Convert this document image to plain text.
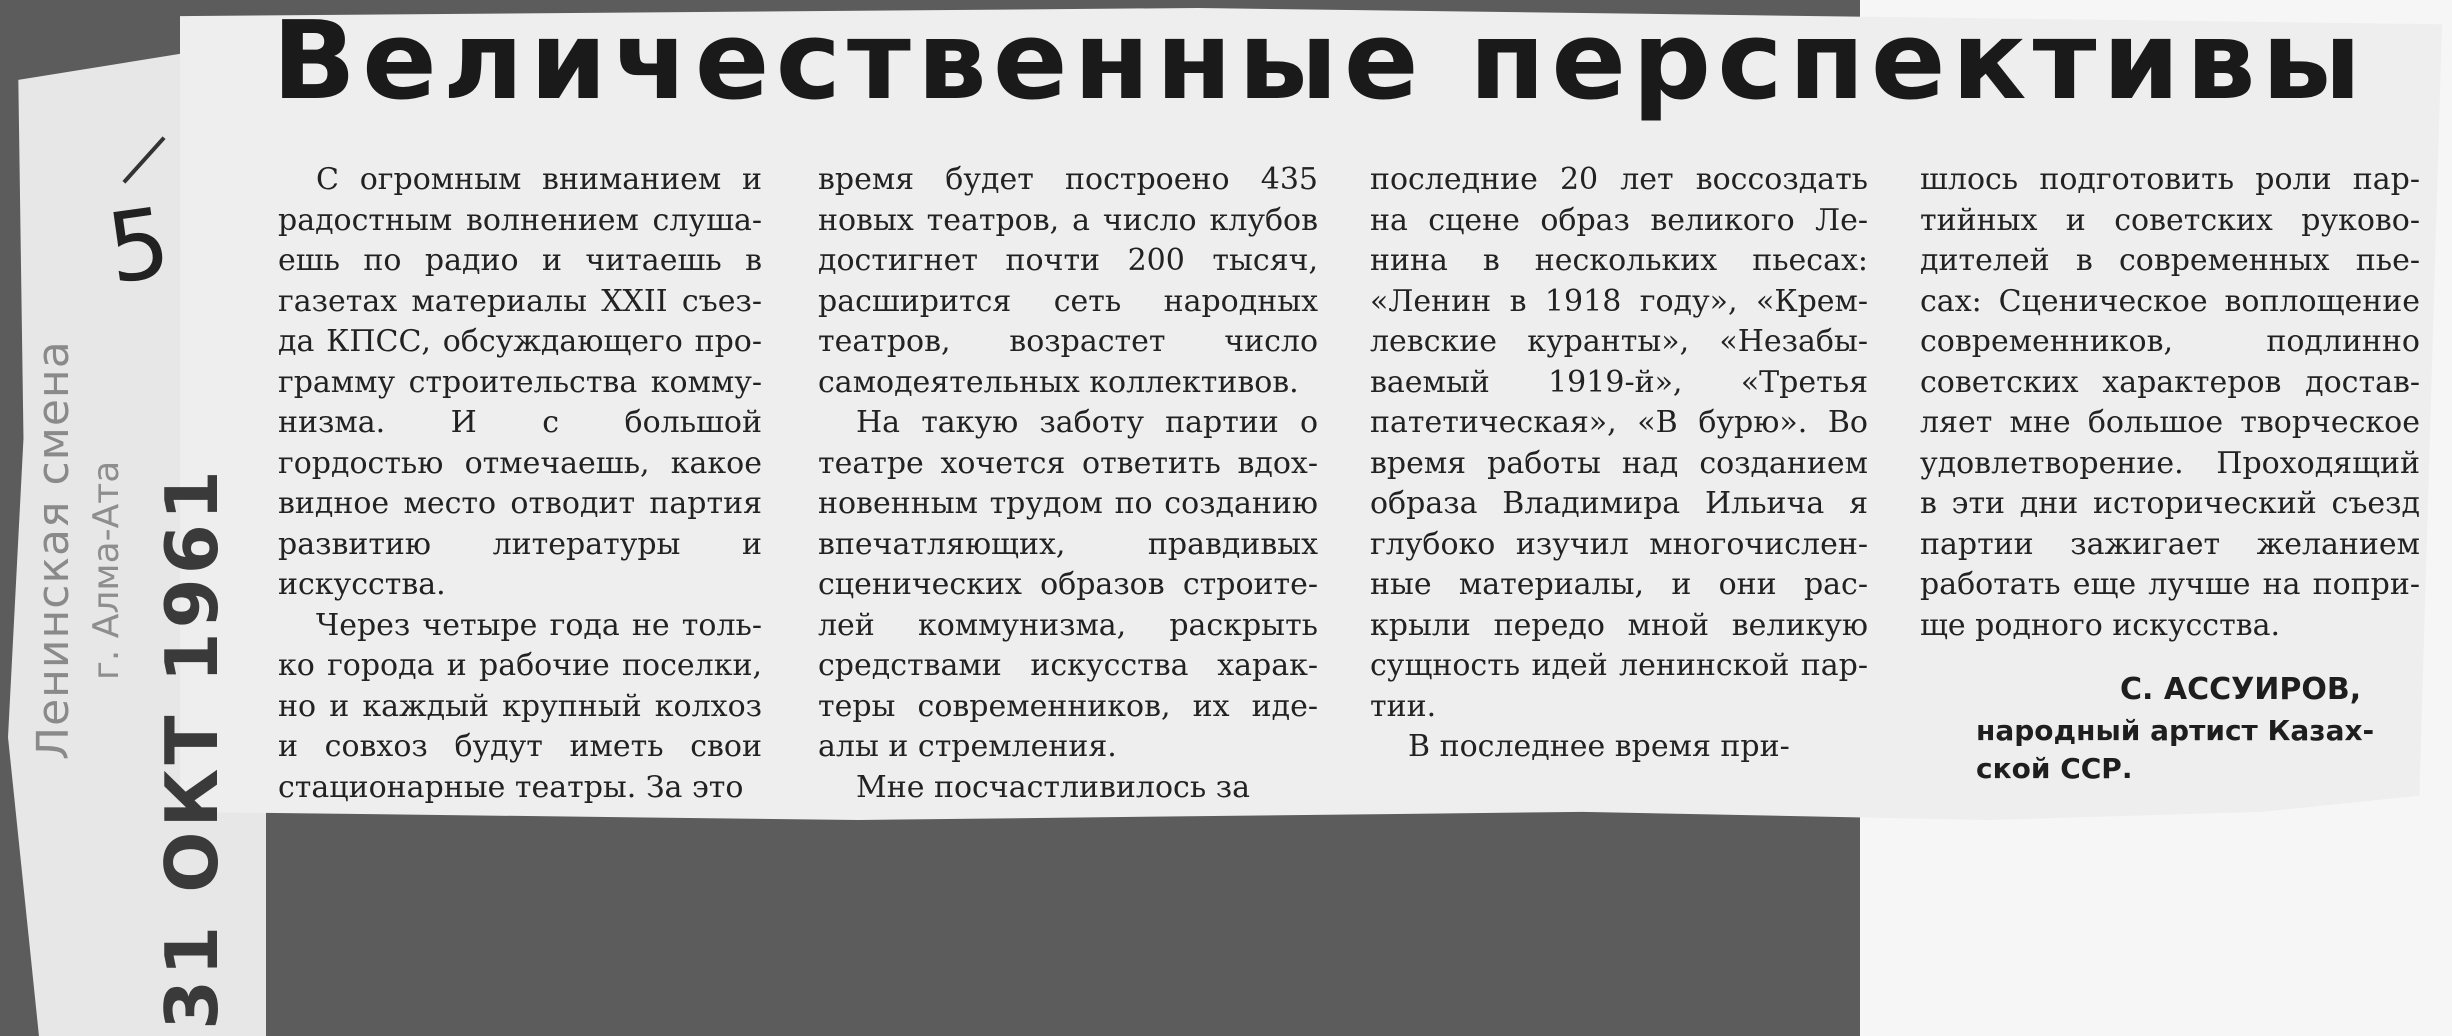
Величественные перспективы

С огромным вниманием и радостным волнением слушаешь по радио и читаешь в газетах материалы XXII съезда КПСС, обсуждающего программу строительства коммунизма. И с большой гордостью отмечаешь, какое видное место отводит партия развитию литературы и искусства.

Через четыре года не только города и рабочие поселки, но и каждый крупный колхоз и совхоз будут иметь свои стационарные театры. За это

время будет построено 435 новых театров, а число клубов достигнет почти 200 тысяч, расширится сеть народных театров, возрастет число самодеятельных коллективов.

На такую заботу партии о театре хочется ответить вдохновенным трудом по созданию впечатляющих, правдивых сценических образов строителей коммунизма, раскрыть средствами искусства характеры современников, их идеалы и стремления.

Мне посчастливилось за

последние 20 лет воссоздать на сцене образ великого Ленина в нескольких пьесах: «Ленин в 1918 году», «Кремлевские куранты», «Незабываемый 1919-й», «Третья патетическая», «В бурю». Во время работы над созданием образа Владимира Ильича я глубоко изучил многочисленные материалы, и они раскрыли передо мной великую сущность идей ленинской партии.

В последнее время при-

шлось подготовить роли партийных и советских руководителей в современных пьесах: Сценическое воплощение современников, подлинно советских характеров доставляет мне большое творческое удовлетворение. Проходящий в эти дни исторический съезд партии зажигает желанием работать еще лучше на поприще родного искусства.

С. АССУИРОВ,
народный артист Казахской ССР.
Ленинская смена г. Алма-Ата 31 ОКТ 1961
5
